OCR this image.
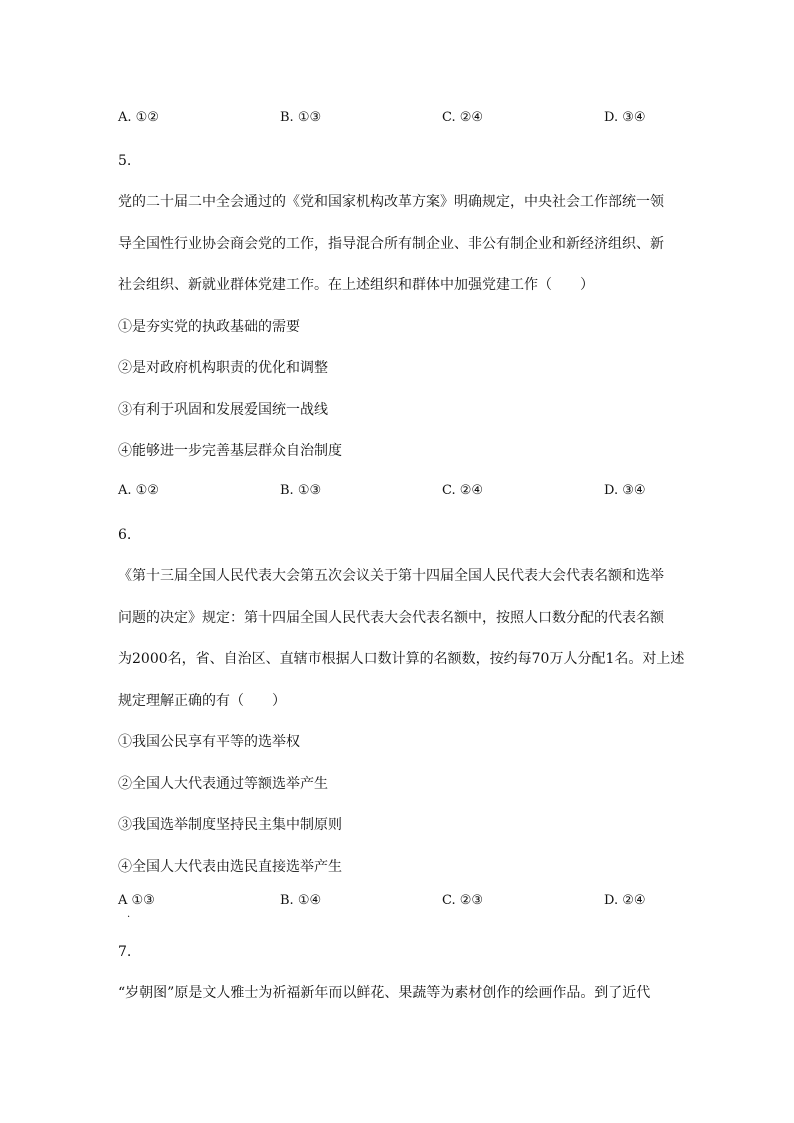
A. ①②	B. ①③	C. ②④	D. ③④
5.
党的二十届二中全会通过的《党和国家机构改革方案》明确规定，中央社会工作部统一领
导全国性行业协会商会党的工作，指导混合所有制企业、非公有制企业和新经济组织、新
社会组织、新就业群体党建工作。在上述组织和群体中加强党建工作（　　）
①是夯实党的执政基础的需要
②是对政府机构职责的优化和调整
③有利于巩固和发展爱国统一战线
④能够进一步完善基层群众自治制度
A. ①②	B. ①③	C. ②④	D. ③④
6.
《第十三届全国人民代表大会第五次会议关于第十四届全国人民代表大会代表名额和选举
问题的决定》规定：第十四届全国人民代表大会代表名额中，按照人口数分配的代表名额
为2000名，省、自治区、直辖市根据人口数计算的名额数，按约每70万人分配1名。对上述
规定理解正确的有（　　）
①我国公民享有平等的选举权
②全国人大代表通过等额选举产生
③我国选举制度坚持民主集中制原则
④全国人大代表由选民直接选举产生
A ①③	B. ①④	C. ②③	D. ②④
.
7.
“岁朝图”原是文人雅士为祈福新年而以鲜花、果蔬等为素材创作的绘画作品。到了近代
